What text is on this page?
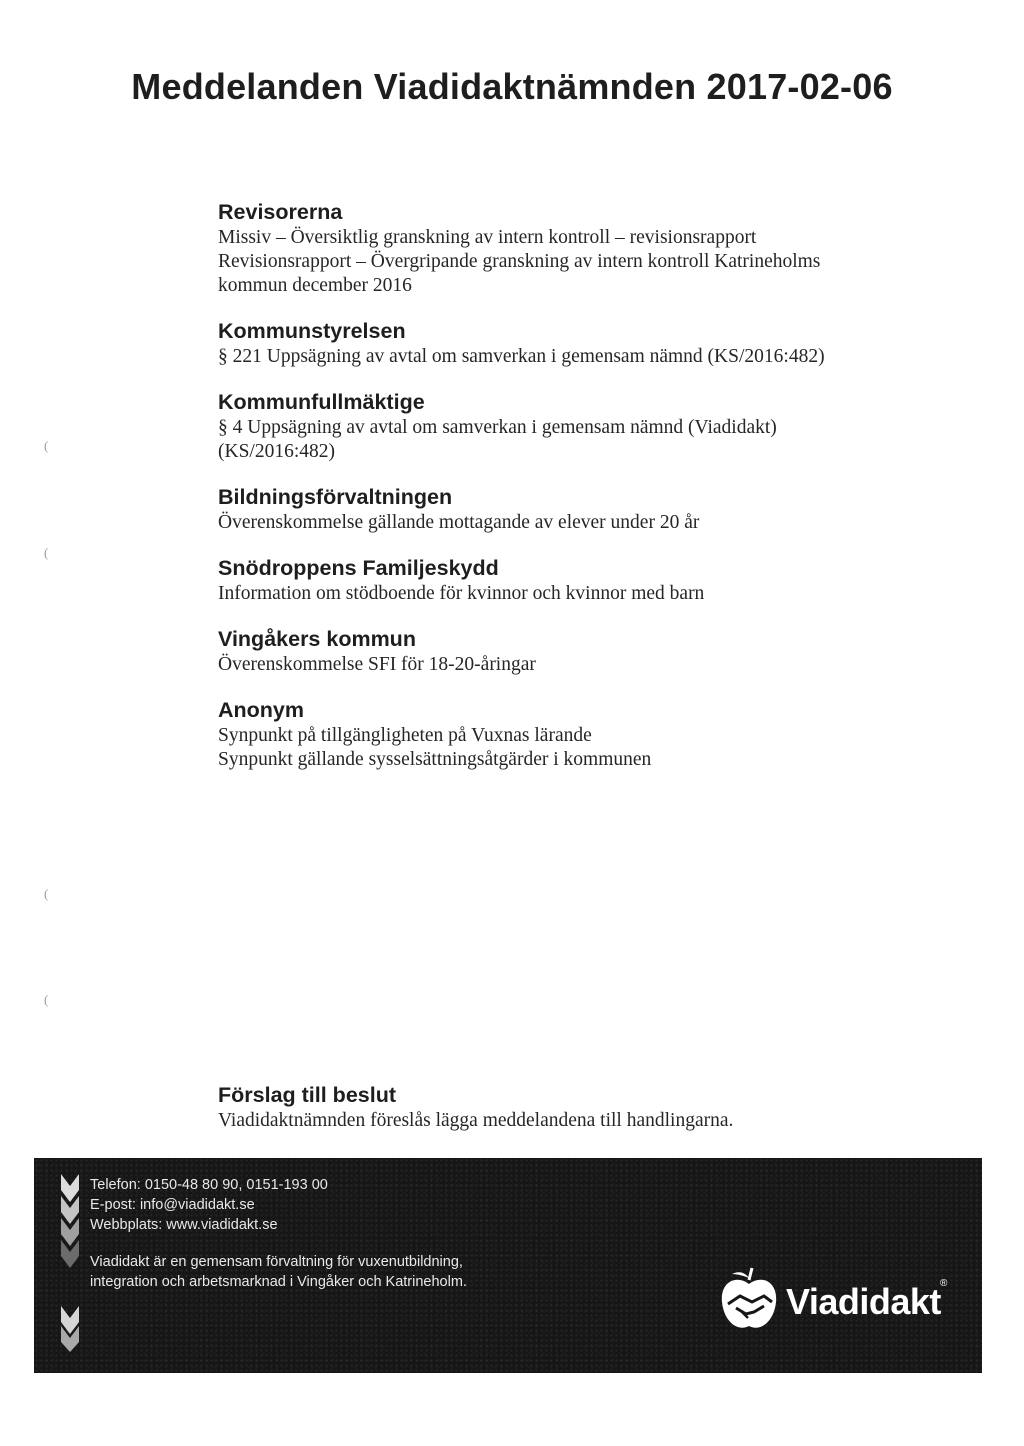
Meddelanden Viadidaktnämnden 2017-02-06
(
(
(
(
Revisorerna
Missiv – Översiktlig granskning av intern kontroll – revisionsrapport
Revisionsrapport – Övergripande granskning av intern kontroll Katrineholms
kommun december 2016
Kommunstyrelsen
§ 221 Uppsägning av avtal om samverkan i gemensam nämnd (KS/2016:482)
Kommunfullmäktige
§ 4 Uppsägning av avtal om samverkan i gemensam nämnd (Viadidakt)
(KS/2016:482)
Bildningsförvaltningen
Överenskommelse gällande mottagande av elever under 20 år
Snödroppens Familjeskydd
Information om stödboende för kvinnor och kvinnor med barn
Vingåkers kommun
Överenskommelse SFI för 18-20-åringar
Anonym
Synpunkt på tillgängligheten på Vuxnas lärande
Synpunkt gällande sysselsättningsåtgärder i kommunen
Förslag till beslut
Viadidaktnämnden föreslås lägga meddelandena till handlingarna.
Telefon: 0150-48 80 90, 0151-193 00
E-post: info@viadidakt.se
Webbplats: www.viadidakt.se
Viadidakt är en gemensam förvaltning för vuxenutbildning,
integration och arbetsmarknad i Vingåker och Katrineholm.	Viadidakt ®
